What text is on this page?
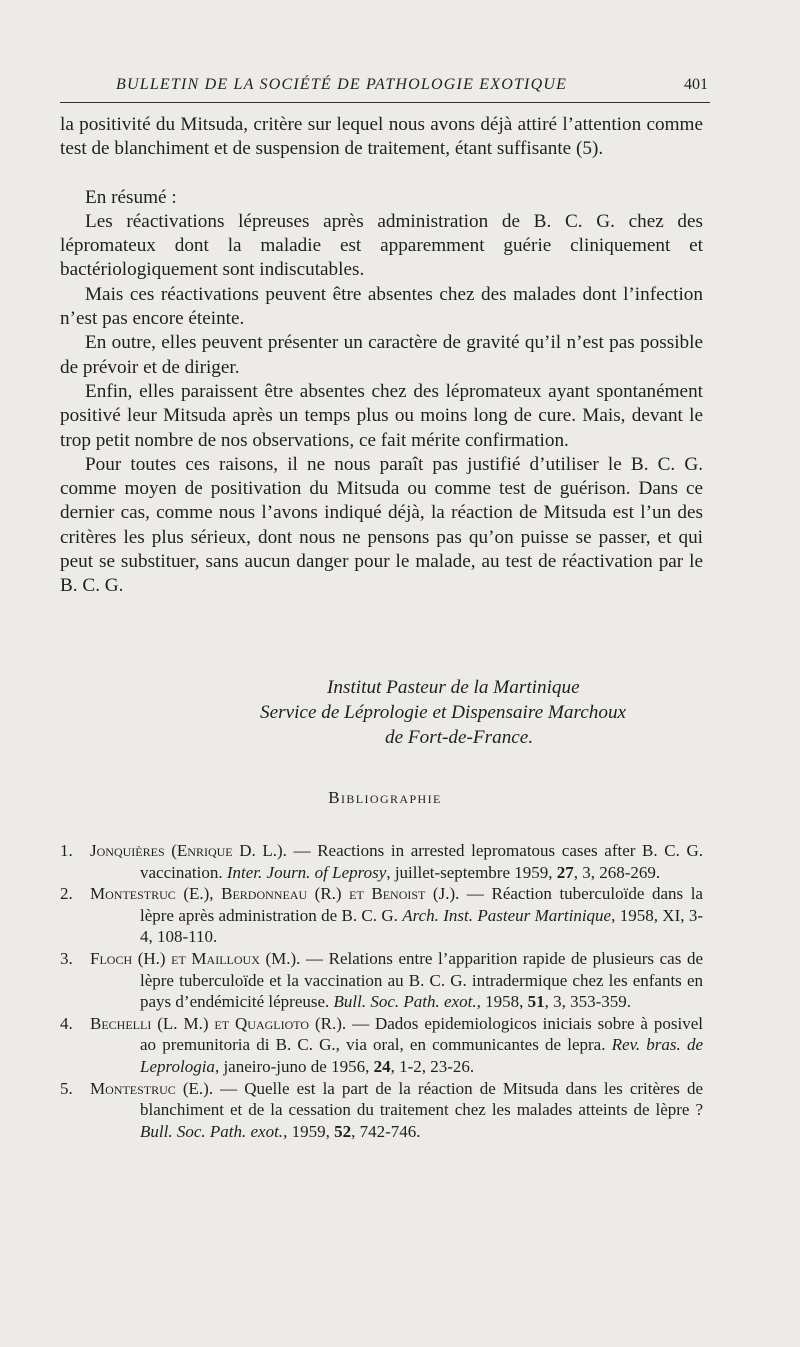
BULLETIN DE LA SOCIÉTÉ DE PATHOLOGIE EXOTIQUE	401

la positivité du Mitsuda, critère sur lequel nous avons déjà attiré l’attention comme test de blanchiment et de suspension de traitement, étant suffisante (5).

En résumé :

Les réactivations lépreuses après administration de B. C. G. chez des lépromateux dont la maladie est apparemment guérie cliniquement et bactériologiquement sont indiscutables.

Mais ces réactivations peuvent être absentes chez des malades dont l’infection n’est pas encore éteinte.

En outre, elles peuvent présenter un caractère de gravité qu’il n’est pas possible de prévoir et de diriger.

Enfin, elles paraissent être absentes chez des lépromateux ayant spontanément positivé leur Mitsuda après un temps plus ou moins long de cure. Mais, devant le trop petit nombre de nos observations, ce fait mérite confirmation.

Pour toutes ces raisons, il ne nous paraît pas justifié d’utiliser le B. C. G. comme moyen de positivation du Mitsuda ou comme test de guérison. Dans ce dernier cas, comme nous l’avons indiqué déjà, la réaction de Mitsuda est l’un des critères les plus sérieux, dont nous ne pensons pas qu’on puisse se passer, et qui peut se substituer, sans aucun danger pour le malade, au test de réactivation par le B. C. G.

Institut Pasteur de la Martinique
Service de Léprologie et Dispensaire Marchoux
de Fort-de-France.
Bibliographie
1. Jonquières (Enrique D. L.). — Reactions in arrested lepromatous cases after B. C. G. vaccination. Inter. Journ. of Leprosy, juillet-septembre 1959, 27, 3, 268-269.
2. Montestruc (E.), Berdonneau (R.) et Benoist (J.). — Réaction tuberculoïde dans la lèpre après administration de B. C. G. Arch. Inst. Pasteur Martinique, 1958, XI, 3-4, 108-110.
3. Floch (H.) et Mailloux (M.). — Relations entre l’apparition rapide de plusieurs cas de lèpre tuberculoïde et la vaccination au B. C. G. intradermique chez les enfants en pays d’endémicité lépreuse. Bull. Soc. Path. exot., 1958, 51, 3, 353-359.
4. Bechelli (L. M.) et Quaglioto (R.). — Dados epidemiologicos iniciais sobre à posivel ao premunitoria di B. C. G., via oral, en communicantes de lepra. Rev. bras. de Leprologia, janeiro-juno de 1956, 24, 1-2, 23-26.
5. Montestruc (E.). — Quelle est la part de la réaction de Mitsuda dans les critères de blanchiment et de la cessation du traitement chez les malades atteints de lèpre ? Bull. Soc. Path. exot., 1959, 52, 742-746.
